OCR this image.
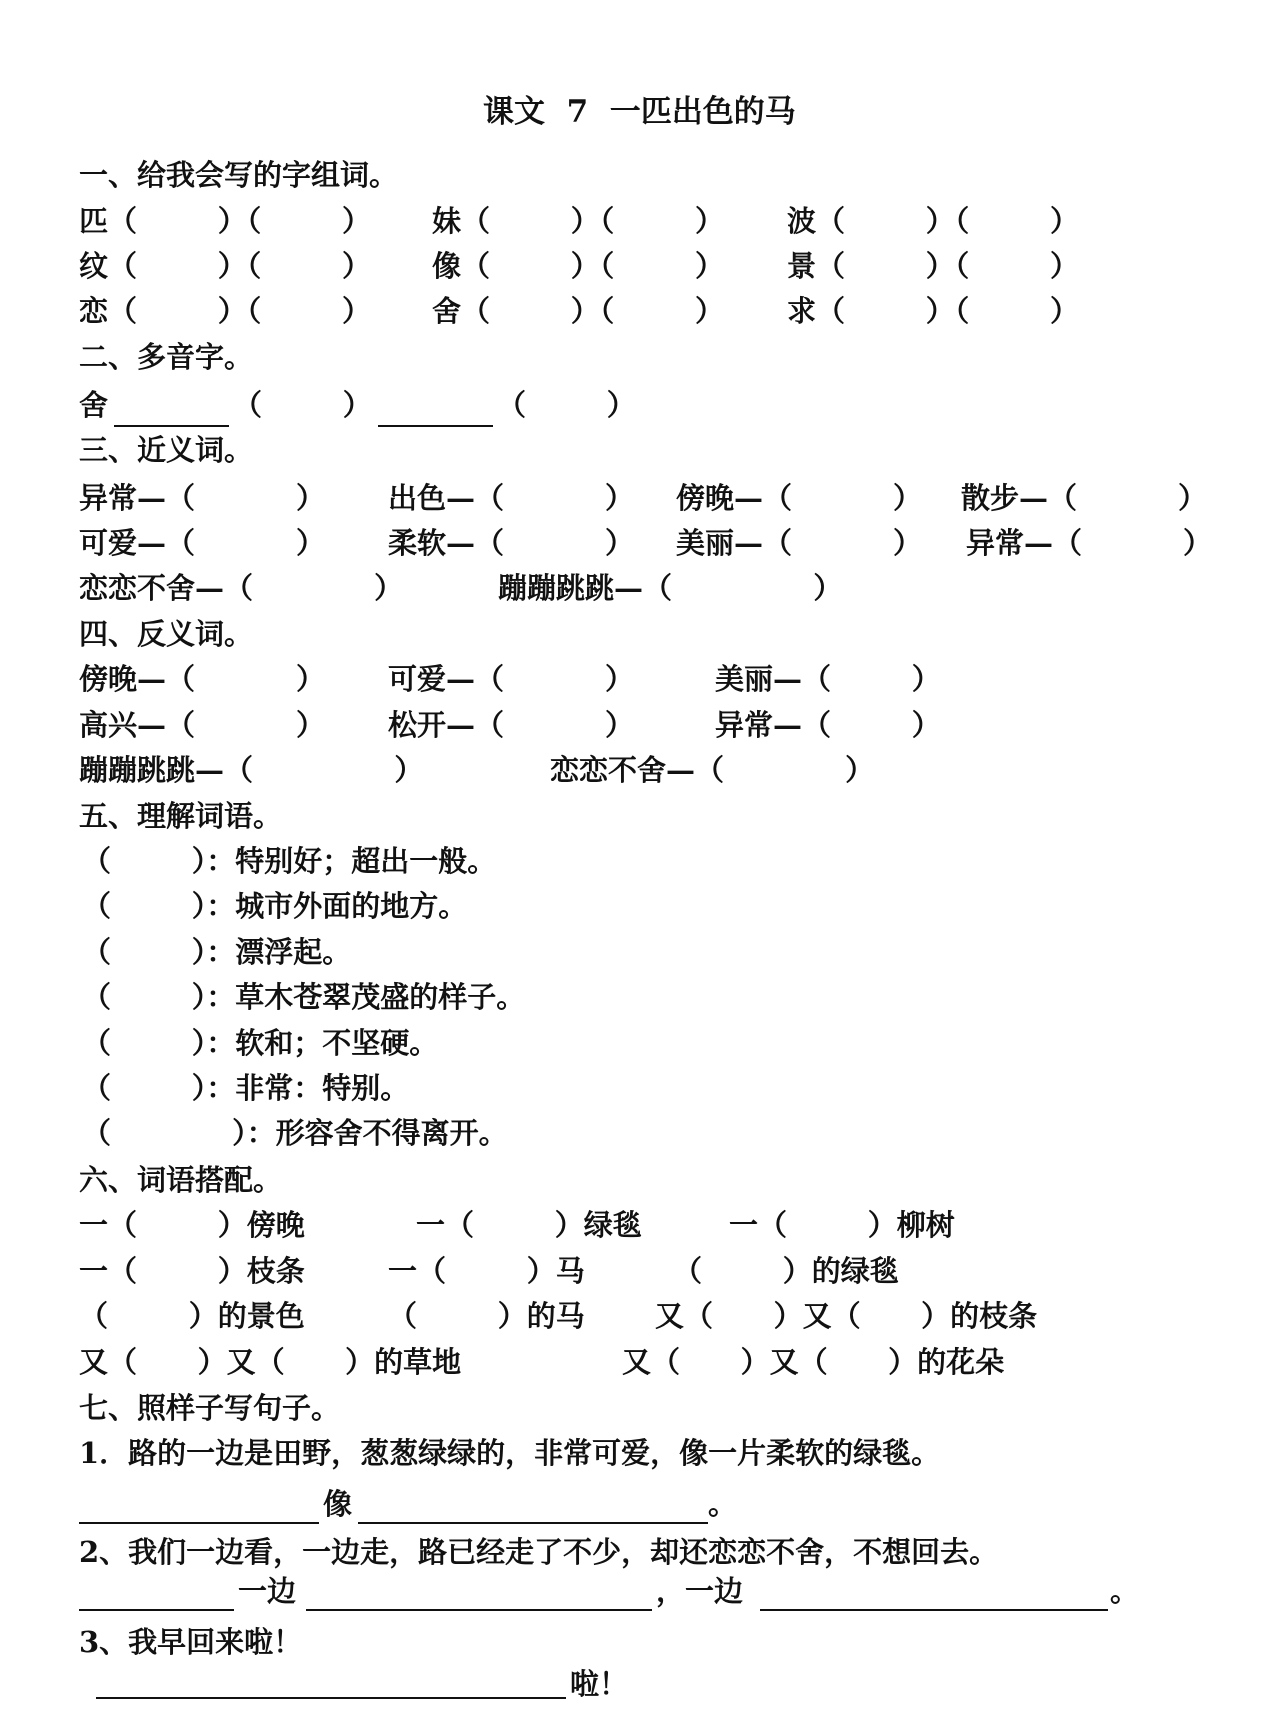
课文  7  一匹出色的马
一、给我会写的字组词。
匹（        ）（        ） 妹（        ）（        ） 波（        ）（        ）
纹（        ）（        ） 像（        ）（        ） 景（        ）（        ）
恋（        ）（        ） 舍（        ）（        ） 求（        ）（        ）
二、多音字。
舍	（        ）	（        ）
三、近义词。
异常—（          ） 出色—（          ） 傍晚—（          ） 散步—（          ）
可爱—（          ） 柔软—（          ） 美丽—（          ） 异常—（          ）
恋恋不舍—（            ）	蹦蹦跳跳—（              ）
四、反义词。
傍晚—（          ） 可爱—（          ）	美丽—（        ）
高兴—（          ） 松开—（          ）	异常—（        ）
蹦蹦跳跳—（              ）	恋恋不舍—（            ）
五、理解词语。
（        ）：特别好；超出一般。
（        ）：城市外面的地方。
（        ）：漂浮起。
（        ）：草木苍翠茂盛的样子。
（        ）：软和；不坚硬。
（        ）：非常：特别。
（            ）：形容舍不得离开。
六、词语搭配。
一（        ）傍晚	一（        ）绿毯	一（        ）柳树
一（        ）枝条	一（        ）马	（        ）的绿毯
（        ）的景色	（        ）的马 又（      ）又（      ）的枝条
又（      ）又（      ）的草地	又（      ）又（      ）的花朵
七、照样子写句子。
1．路的一边是田野，葱葱绿绿的，非常可爱，像一片柔软的绿毯。
像	。
2、我们一边看，一边走，路已经走了不少，却还恋恋不舍，不想回去。
一边	，一边	。
3、我早回来啦！
啦！
